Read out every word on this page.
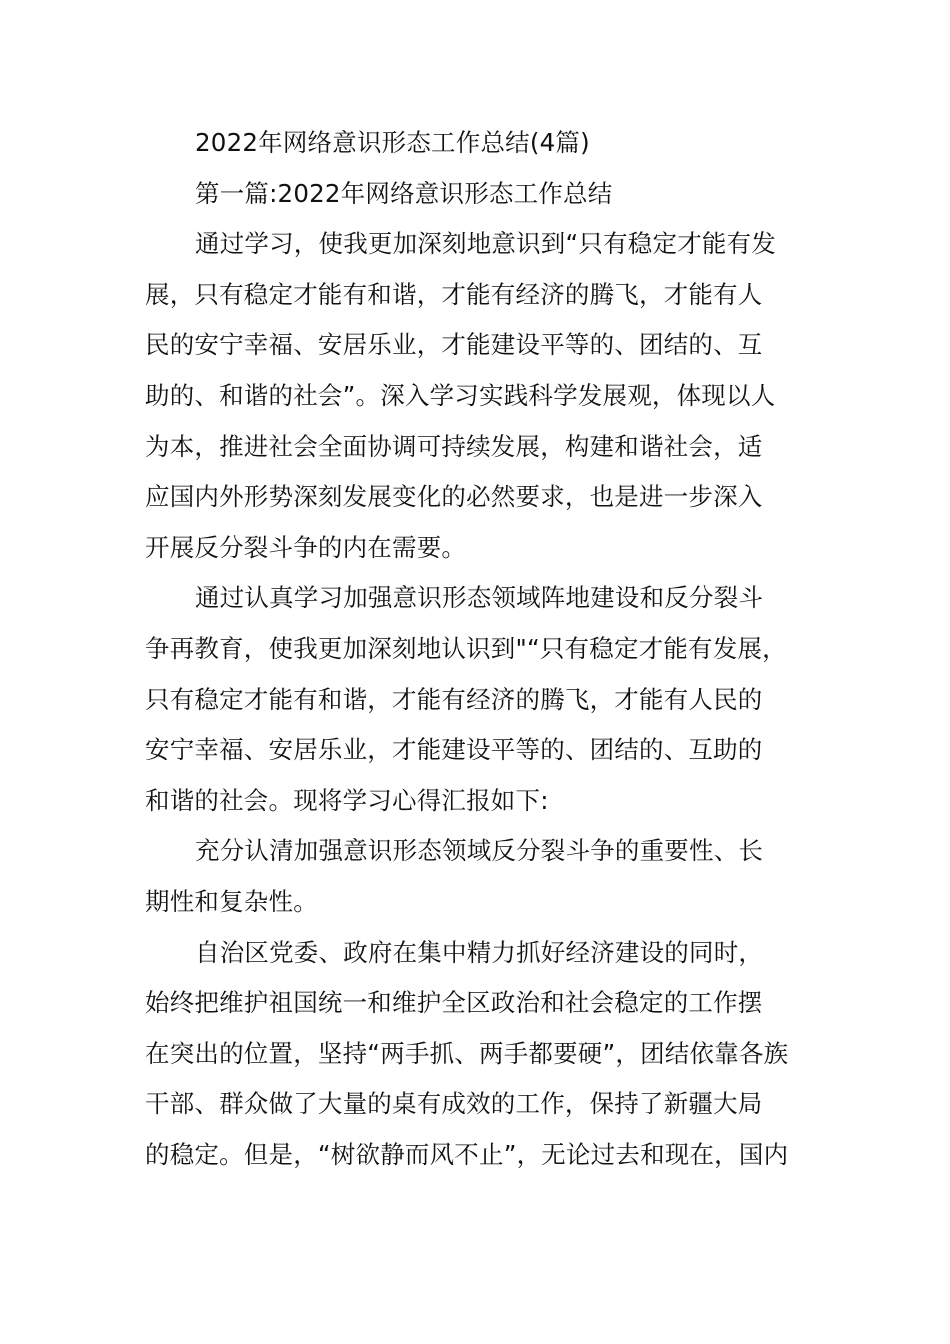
2022年网络意识形态工作总结(4篇)
第一篇:2022年网络意识形态工作总结
通过学习，使我更加深刻地意识到“只有稳定才能有发
展，只有稳定才能有和谐，才能有经济的腾飞，才能有人
民的安宁幸福、安居乐业，才能建设平等的、团结的、互
助的、和谐的社会”。深入学习实践科学发展观，体现以人
为本，推进社会全面协调可持续发展，构建和谐社会，适
应国内外形势深刻发展变化的必然要求，也是进一步深入
开展反分裂斗争的内在需要。
通过认真学习加强意识形态领域阵地建设和反分裂斗
争再教育，使我更加深刻地认识到"“只有稳定才能有发展，
只有稳定才能有和谐，才能有经济的腾飞，才能有人民的
安宁幸福、安居乐业，才能建设平等的、团结的、互助的
和谐的社会。现将学习心得汇报如下:
充分认清加强意识形态领域反分裂斗争的重要性、长
期性和复杂性。
自治区党委、政府在集中精力抓好经济建设的同时，
始终把维护祖国统一和维护全区政治和社会稳定的工作摆
在突出的位置，坚持“两手抓、两手都要硬”，团结依靠各族
干部、群众做了大量的桌有成效的工作，保持了新疆大局
的稳定。但是，“树欲静而风不止”，无论过去和现在，国内
